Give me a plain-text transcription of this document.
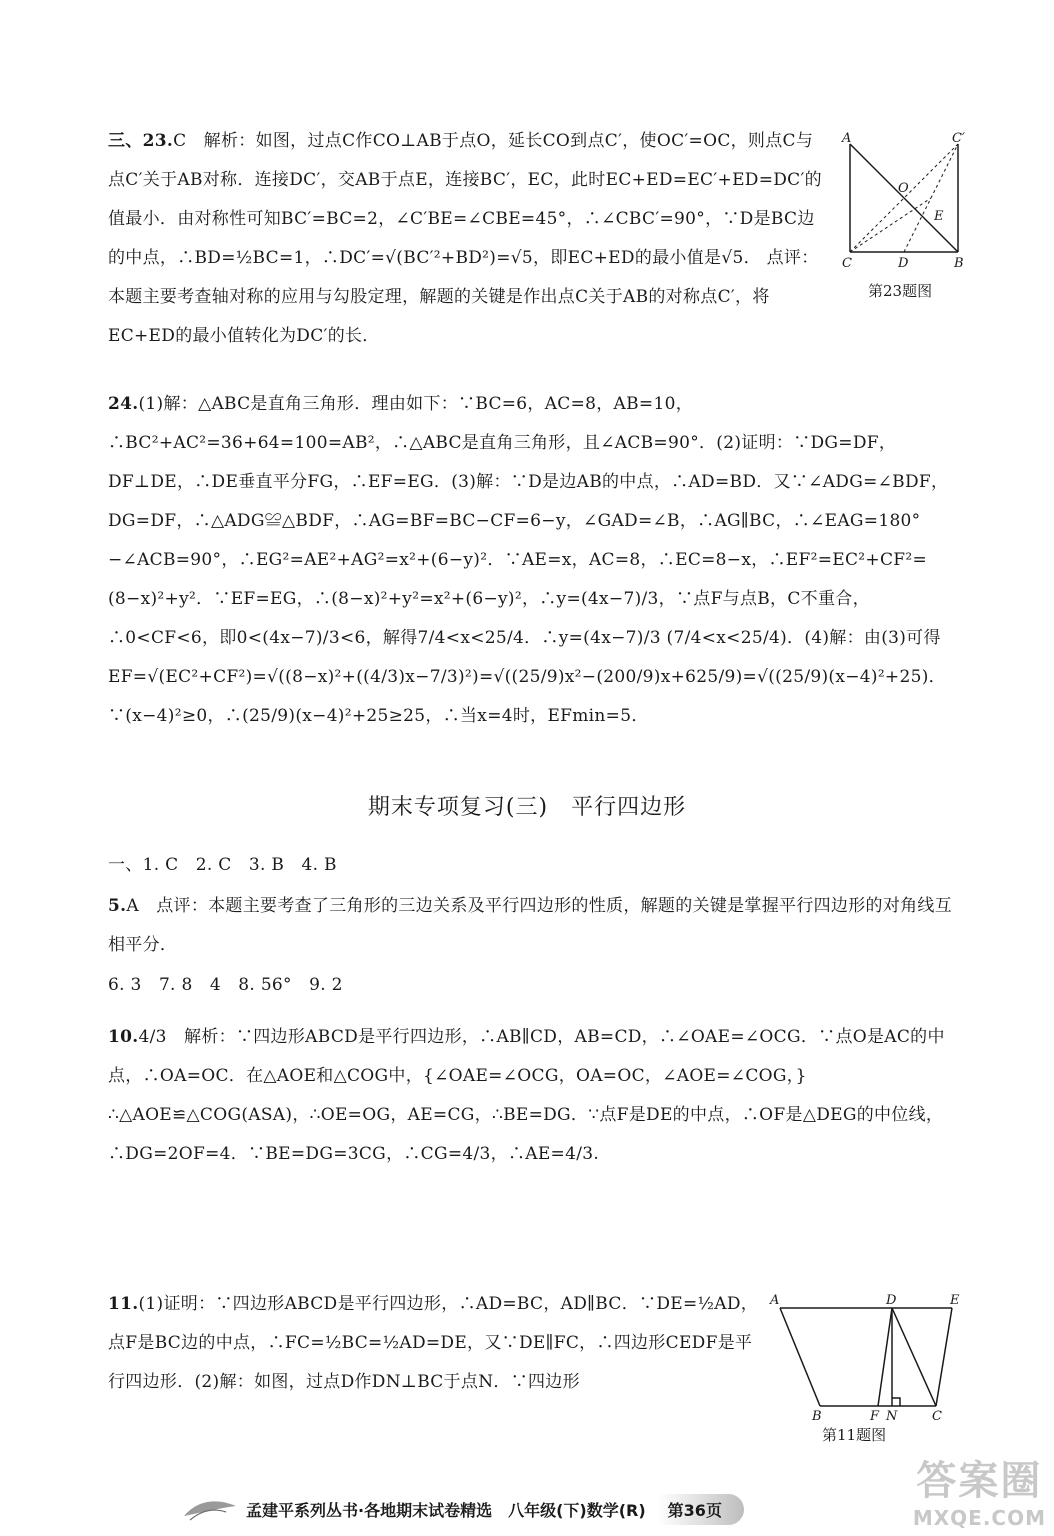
三、23.C　解析：如图，过点C作CO⊥AB于点O，延长CO到点C′，使OC′=OC，则点C与点C′关于AB对称．连接DC′，交AB于点E，连接BC′，EC，此时EC+ED=EC′+ED=DC′的值最小．由对称性可知BC′=BC=2，∠C′BE=∠CBE=45°，∴∠CBC′=90°，∵D是BC边的中点，∴BD=½BC=1，∴DC′=√(BC′²+BD²)=√5，即EC+ED的最小值是√5． 点评：本题主要考查轴对称的应用与勾股定理，解题的关键是作出点C关于AB的对称点C′，将EC+ED的最小值转化为DC′的长．
A	C′
O
E
C	D	B
第23题图
24.(1)解：△ABC是直角三角形．理由如下：∵BC=6，AC=8，AB=10，∴BC²+AC²=36+64=100=AB²，∴△ABC是直角三角形，且∠ACB=90°．(2)证明：∵DG=DF，DF⊥DE，∴DE垂直平分FG，∴EF=EG．(3)解：∵D是边AB的中点，∴AD=BD．又∵∠ADG=∠BDF，DG=DF，∴△ADG≌△BDF，∴AG=BF=BC−CF=6−y，∠GAD=∠B，∴AG∥BC，∴∠EAG=180°−∠ACB=90°，∴EG²=AE²+AG²=x²+(6−y)²．∵AE=x，AC=8，∴EC=8−x，∴EF²=EC²+CF²=(8−x)²+y²．∵EF=EG，∴(8−x)²+y²=x²+(6−y)²，∴y=(4x−7)/3，∵点F与点B，C不重合，∴0<CF<6，即0<(4x−7)/3<6，解得7/4<x<25/4．∴y=(4x−7)/3 (7/4<x<25/4)．(4)解：由(3)可得EF=√(EC²+CF²)=√((8−x)²+((4/3)x−7/3)²)=√((25/9)x²−(200/9)x+625/9)=√((25/9)(x−4)²+25)．∵(x−4)²≥0，∴(25/9)(x−4)²+25≥25，∴当x=4时，EFmin=5．
期末专项复习(三)　平行四边形
一、1. C　2. C　3. B　4. B
5.A　点评：本题主要考查了三角形的三边关系及平行四边形的性质，解题的关键是掌握平行四边形的对角线互相平分．
6. 3　7. 8　4　8. 56°　9. 2
10.4/3　解析：∵四边形ABCD是平行四边形，∴AB∥CD，AB=CD，∴∠OAE=∠OCG．∵点O是AC的中点，∴OA=OC．在△AOE和△COG中，{∠OAE=∠OCG，OA=OC，∠AOE=∠COG，} ∴△AOE≌△COG(ASA)，∴OE=OG，AE=CG，∴BE=DG．∵点F是DE的中点，∴OF是△DEG的中位线，∴DG=2OF=4．∵BE=DG=3CG，∴CG=4/3，∴AE=4/3.
11.(1)证明：∵四边形ABCD是平行四边形，∴AD=BC，AD∥BC．∵DE=½AD，点F是BC边的中点，∴FC=½BC=½AD=DE，又∵DE∥FC，∴四边形CEDF是平行四边形．(2)解：如图，过点D作DN⊥BC于点N．∵四边形
A	D	E
B	F N	C
第11题图
孟建平系列丛书·各地期末试卷精选 八年级(下)数学(R)	第36页
答案圈
MXQE.COM
